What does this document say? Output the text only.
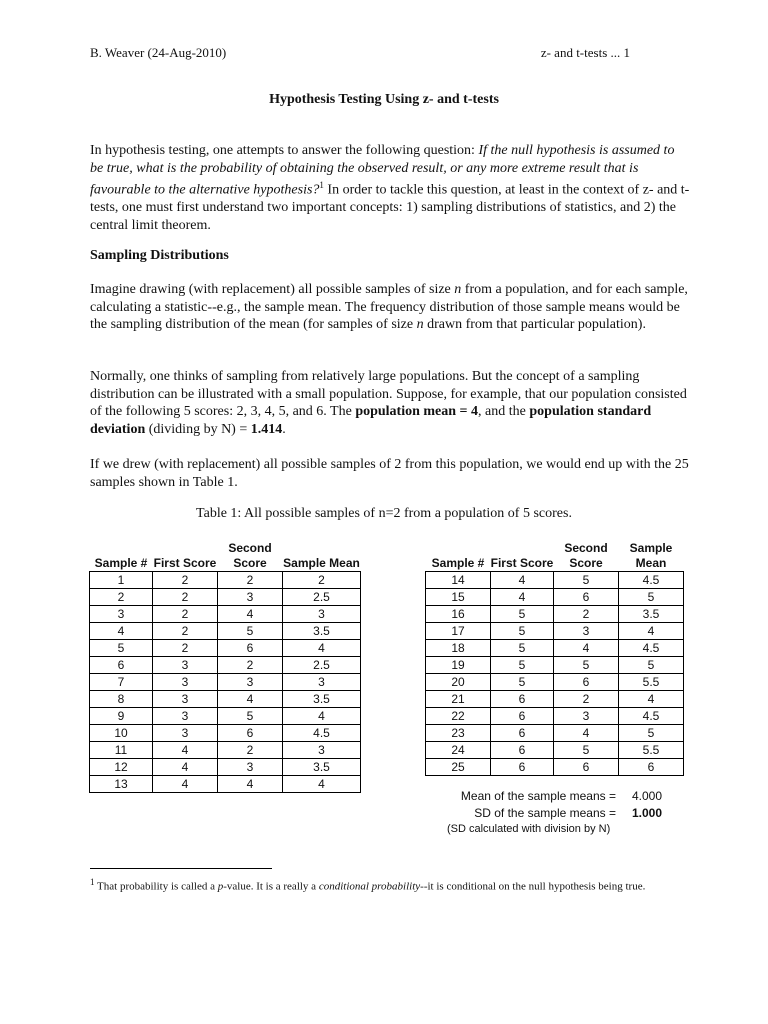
B. Weaver (24-Aug-2010)	z- and t-tests ... 1
Hypothesis Testing Using z- and t-tests
In hypothesis testing, one attempts to answer the following question: If the null hypothesis is assumed to be true, what is the probability of obtaining the observed result, or any more extreme result that is favourable to the alternative hypothesis?$^1$ In order to tackle this question, at least in the context of z- and t-tests, one must first understand two important concepts: 1) sampling distributions of statistics, and 2) the central limit theorem.
Sampling Distributions
Imagine drawing (with replacement) all possible samples of size n from a population, and for each sample, calculating a statistic--e.g., the sample mean. The frequency distribution of those sample means would be the sampling distribution of the mean (for samples of size n drawn from that particular population).
Normally, one thinks of sampling from relatively large populations. But the concept of a sampling distribution can be illustrated with a small population. Suppose, for example, that our population consisted of the following 5 scores: 2, 3, 4, 5, and 6. The population mean = 4, and the population standard deviation (dividing by N) = 1.414.
If we drew (with replacement) all possible samples of 2 from this population, we would end up with the 25 samples shown in Table 1.
Table 1: All possible samples of n=2 from a population of 5 scores.
Sample #	First Score	Second Score	Sample Mean
1	2	2	2
2	2	3	2.5
3	2	4	3
4	2	5	3.5
5	2	6	4
6	3	2	2.5
7	3	3	3
8	3	4	3.5
9	3	5	4
10	3	6	4.5
11	4	2	3
12	4	3	3.5
13	4	4	4
Sample #	First Score	Second Score	Sample Mean
14	4	5	4.5
15	4	6	5
16	5	2	3.5
17	5	3	4
18	5	4	4.5
19	5	5	5
20	5	6	5.5
21	6	2	4
22	6	3	4.5
23	6	4	5
24	6	5	5.5
25	6	6	6
Mean of the sample means = 4.000
SD of the sample means = 1.000
(SD calculated with division by N)
$^1$ That probability is called a p-value. It is a really a conditional probability--it is conditional on the null hypothesis being true.
